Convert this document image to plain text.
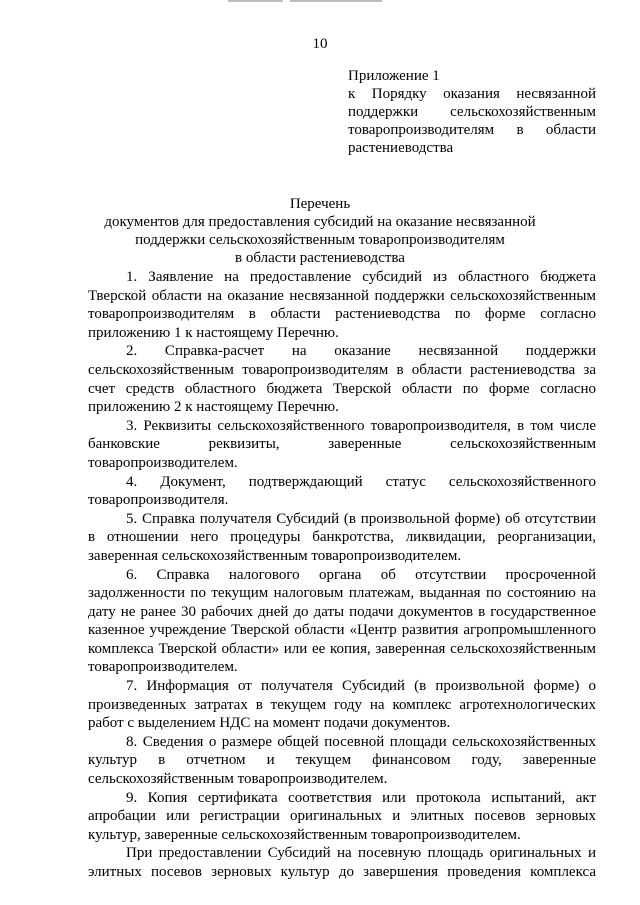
10
Приложение 1
к Порядку оказания несвязанной поддержки сельскохозяйственным товаропроизводителям в области растениеводства
Перечень
документов для предоставления субсидий на оказание несвязанной
поддержки сельскохозяйственным товаропроизводителям
в области растениеводства

1. Заявление на предоставление субсидий из областного бюджета Тверской области на оказание несвязанной поддержки сельскохозяйственным товаропроизводителям в области растениеводства по форме согласно приложению 1 к настоящему Перечню.

2. Справка-расчет на оказание несвязанной поддержки сельскохозяйственным товаропроизводителям в области растениеводства за счет средств областного бюджета Тверской области по форме согласно приложению 2 к настоящему Перечню.

3. Реквизиты сельскохозяйственного товаропроизводителя, в том числе банковские реквизиты, заверенные сельскохозяйственным товаропроизводителем.

4. Документ, подтверждающий статус сельскохозяйственного товаропроизводителя.

5. Справка получателя Субсидий (в произвольной форме) об отсутствии в отношении него процедуры банкротства, ликвидации, реорганизации, заверенная сельскохозяйственным товаропроизводителем.

6. Справка налогового органа об отсутствии просроченной задолженности по текущим налоговым платежам, выданная по состоянию на дату не ранее 30 рабочих дней до даты подачи документов в государственное казенное учреждение Тверской области «Центр развития агропромышленного комплекса Тверской области» или ее копия, заверенная сельскохозяйственным товаропроизводителем.

7. Информация от получателя Субсидий (в произвольной форме) о произведенных затратах в текущем году на комплекс агротехнологических работ с выделением НДС на момент подачи документов.

8. Сведения о размере общей посевной площади сельскохозяйственных культур в отчетном и текущем финансовом году, заверенные сельскохозяйственным товаропроизводителем.

9. Копия сертификата соответствия или протокола испытаний, акт апробации или регистрации оригинальных и элитных посевов зерновых культур, заверенные сельскохозяйственным товаропроизводителем.

При предоставлении Субсидий на посевную площадь оригинальных и элитных посевов зерновых культур до завершения проведения комплекса
